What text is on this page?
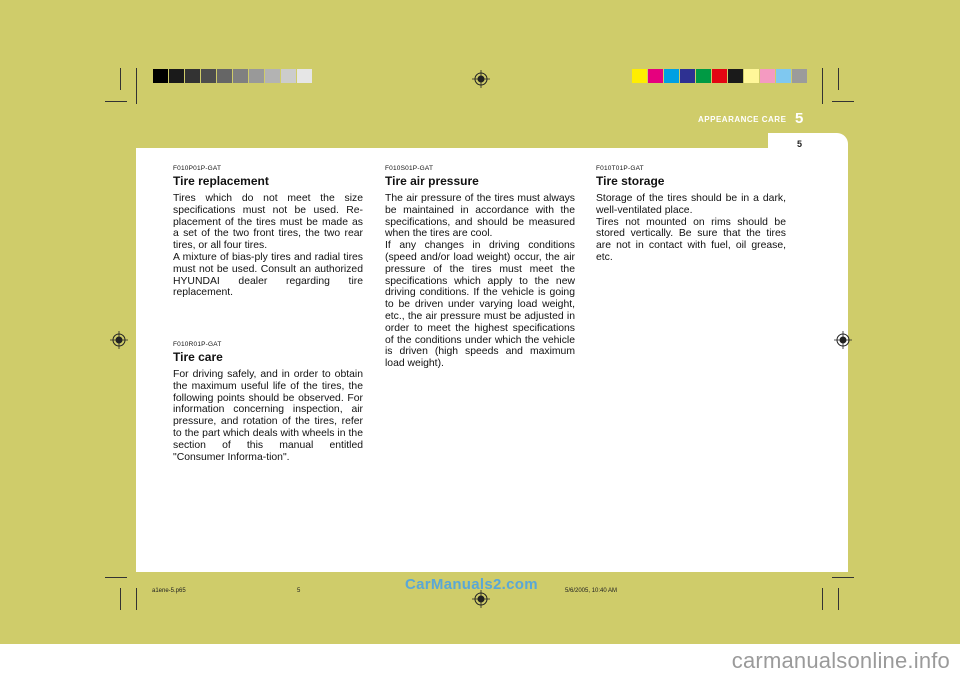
APPEARANCE CARE 5
5
F010P01P-GAT
Tire replacement

Tires which do not meet the size specifications must not be used. Re-placement of the tires must be made as a set of the two front tires, the two rear tires, or all four tires.

A mixture of bias-ply tires and radial tires must not be used. Consult an authorized HYUNDAI dealer regarding tire replacement.

F010R01P-GAT
Tire care

For driving safely, and in order to obtain the maximum useful life of the tires, the following points should be observed. For information concerning inspection, air pressure, and rotation of the tires, refer to the part which deals with wheels in the section of this manual entitled "Consumer Informa-tion".

F010S01P-GAT
Tire air pressure

The air pressure of the tires must always be maintained in accordance with the specifications, and should be measured when the tires are cool.

If any changes in driving conditions (speed and/or load weight) occur, the air pressure of the tires must meet the specifications which apply to the new driving conditions. If the vehicle is going to be driven under varying load weight, etc., the air pressure must be adjusted in order to meet the highest specifications of the conditions under which the vehicle is driven (high speeds and maximum load weight).

F010T01P-GAT
Tire storage

Storage of the tires should be in a dark, well-ventilated place.

Tires not mounted on rims should be stored vertically. Be sure that the tires are not in contact with fuel, oil grease, etc.

a1ene-5.p65	5	5/6/2005, 10:40 AM
CarManuals2.com
carmanualsonline.info
